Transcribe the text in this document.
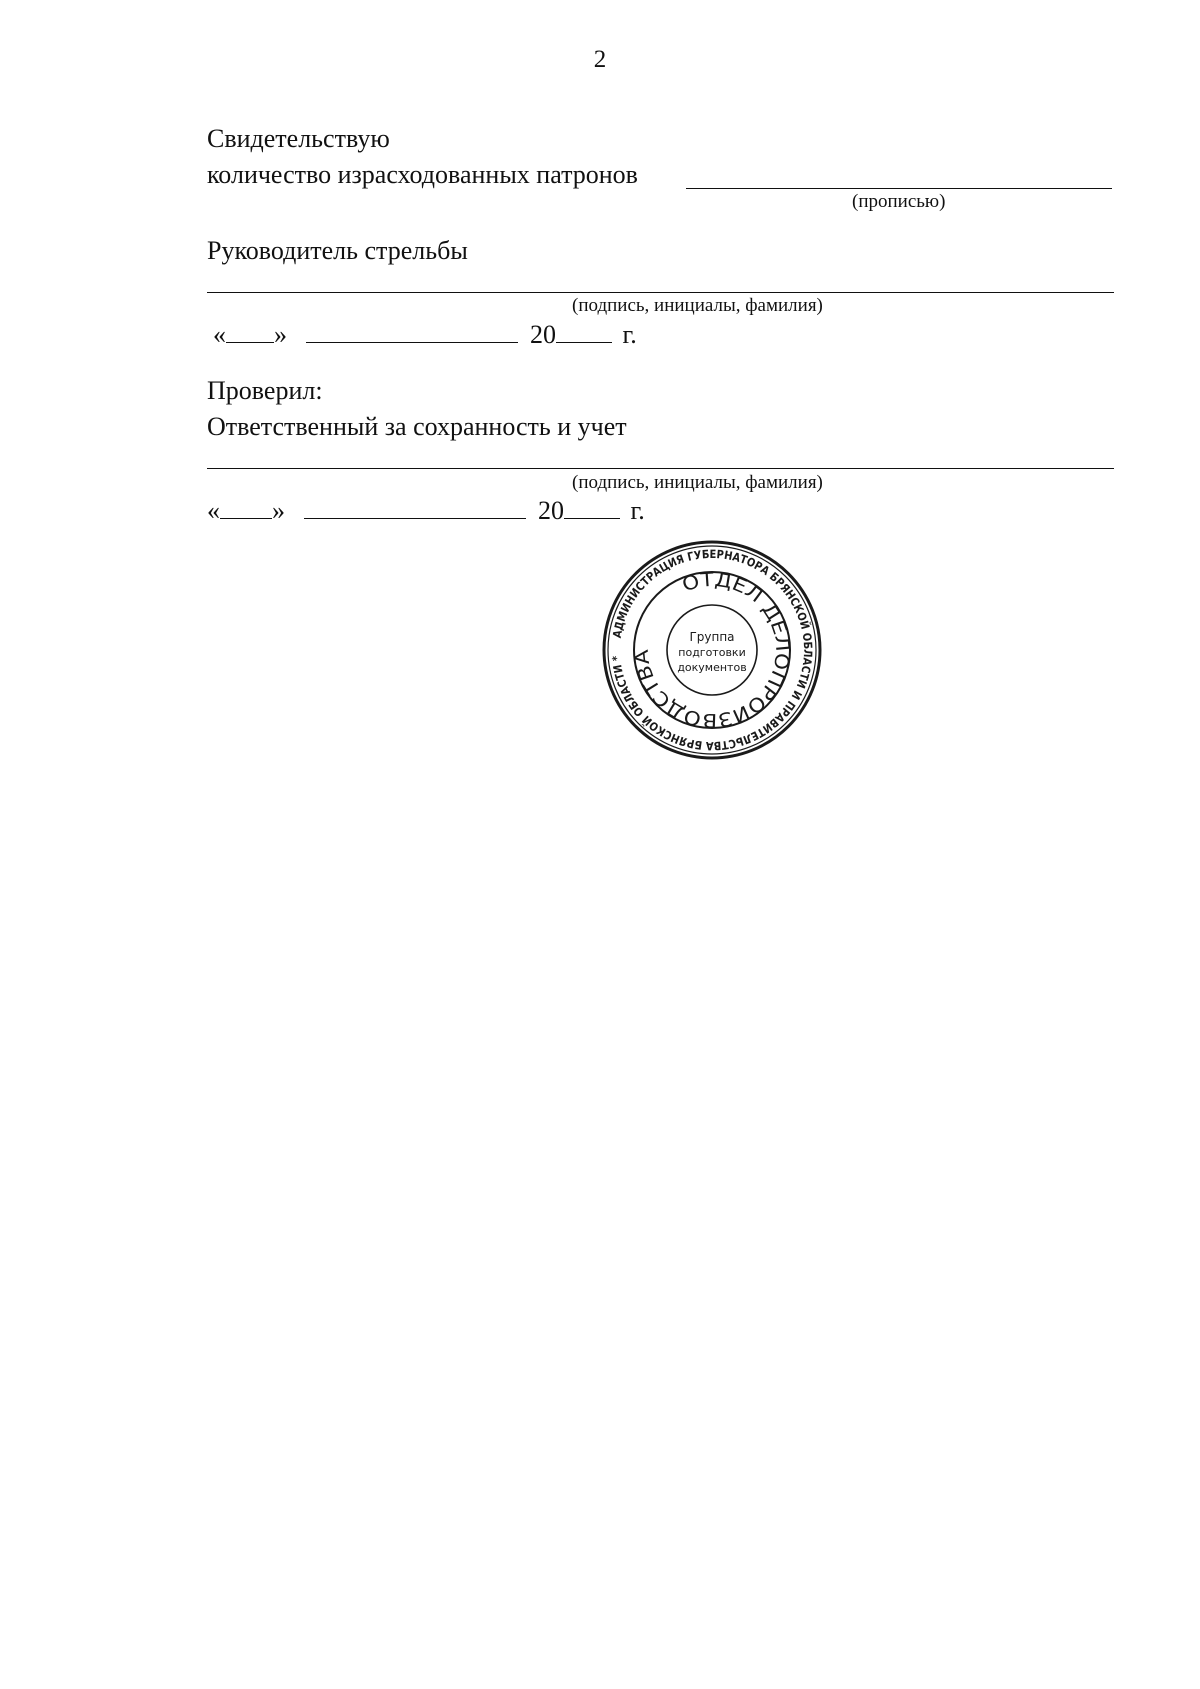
2
Свидетельствую
количество израсходованных патронов
(прописью)
Руководитель стрельбы
(подпись, инициалы, фамилия)
« »	20	г.
Проверил:
Ответственный за сохранность и учет
(подпись, инициалы, фамилия)
« »	20	г.
АДМИНИСТРАЦИЯ ГУБЕРНАТОРА БРЯНСКОЙ ОБЛАСТИ И ПРАВИТЕЛЬСТВА БРЯНСКОЙ ОБЛАСТИ *
ОТДЕЛ ДЕЛОПРОИЗВОДСТВА
Группа
подготовки
документов
